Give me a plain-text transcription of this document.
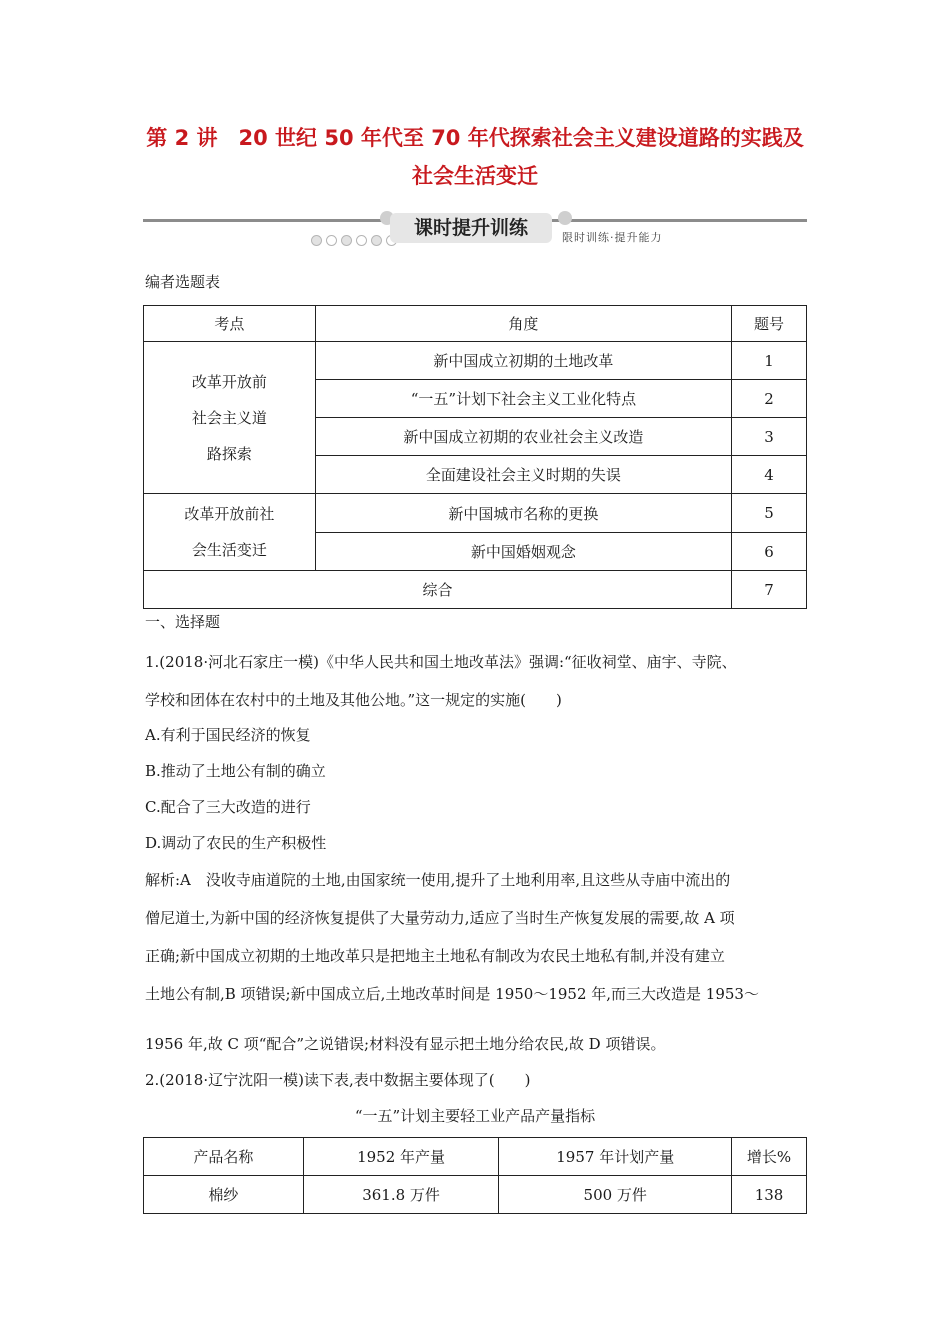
第 2 讲　20 世纪 50 年代至 70 年代探索社会主义建设道路的实践及
社会生活变迁
课时提升训练	限时训练·提升能力
编者选题表
考点	角度	题号

改革开放前
社会主义道
路探索	新中国成立初期的土地改革	1
	“一五”计划下社会主义工业化特点	2
	新中国成立初期的农业社会主义改造	3
	全面建设社会主义时期的失误	4

改革开放前社
会生活变迁	新中国城市名称的更换	5
	新中国婚姻观念	6
综合		7
一、选择题
1.(2018·河北石家庄一模)《中华人民共和国土地改革法》强调:“征收祠堂、庙宇、寺院、
学校和团体在农村中的土地及其他公地。”这一规定的实施(　　)
A.有利于国民经济的恢复
B.推动了土地公有制的确立
C.配合了三大改造的进行
D.调动了农民的生产积极性
解析:A　没收寺庙道院的土地,由国家统一使用,提升了土地利用率,且这些从寺庙中流出的
僧尼道士,为新中国的经济恢复提供了大量劳动力,适应了当时生产恢复发展的需要,故 A 项
正确;新中国成立初期的土地改革只是把地主土地私有制改为农民土地私有制,并没有建立
土地公有制,B 项错误;新中国成立后,土地改革时间是 1950～1952 年,而三大改造是 1953～
1956 年,故 C 项“配合”之说错误;材料没有显示把土地分给农民,故 D 项错误。
2.(2018·辽宁沈阳一模)读下表,表中数据主要体现了(　　)
“一五”计划主要轻工业产品产量指标
产品名称	1952 年产量	1957 年计划产量	增长%
棉纱	361.8 万件	500 万件	138
